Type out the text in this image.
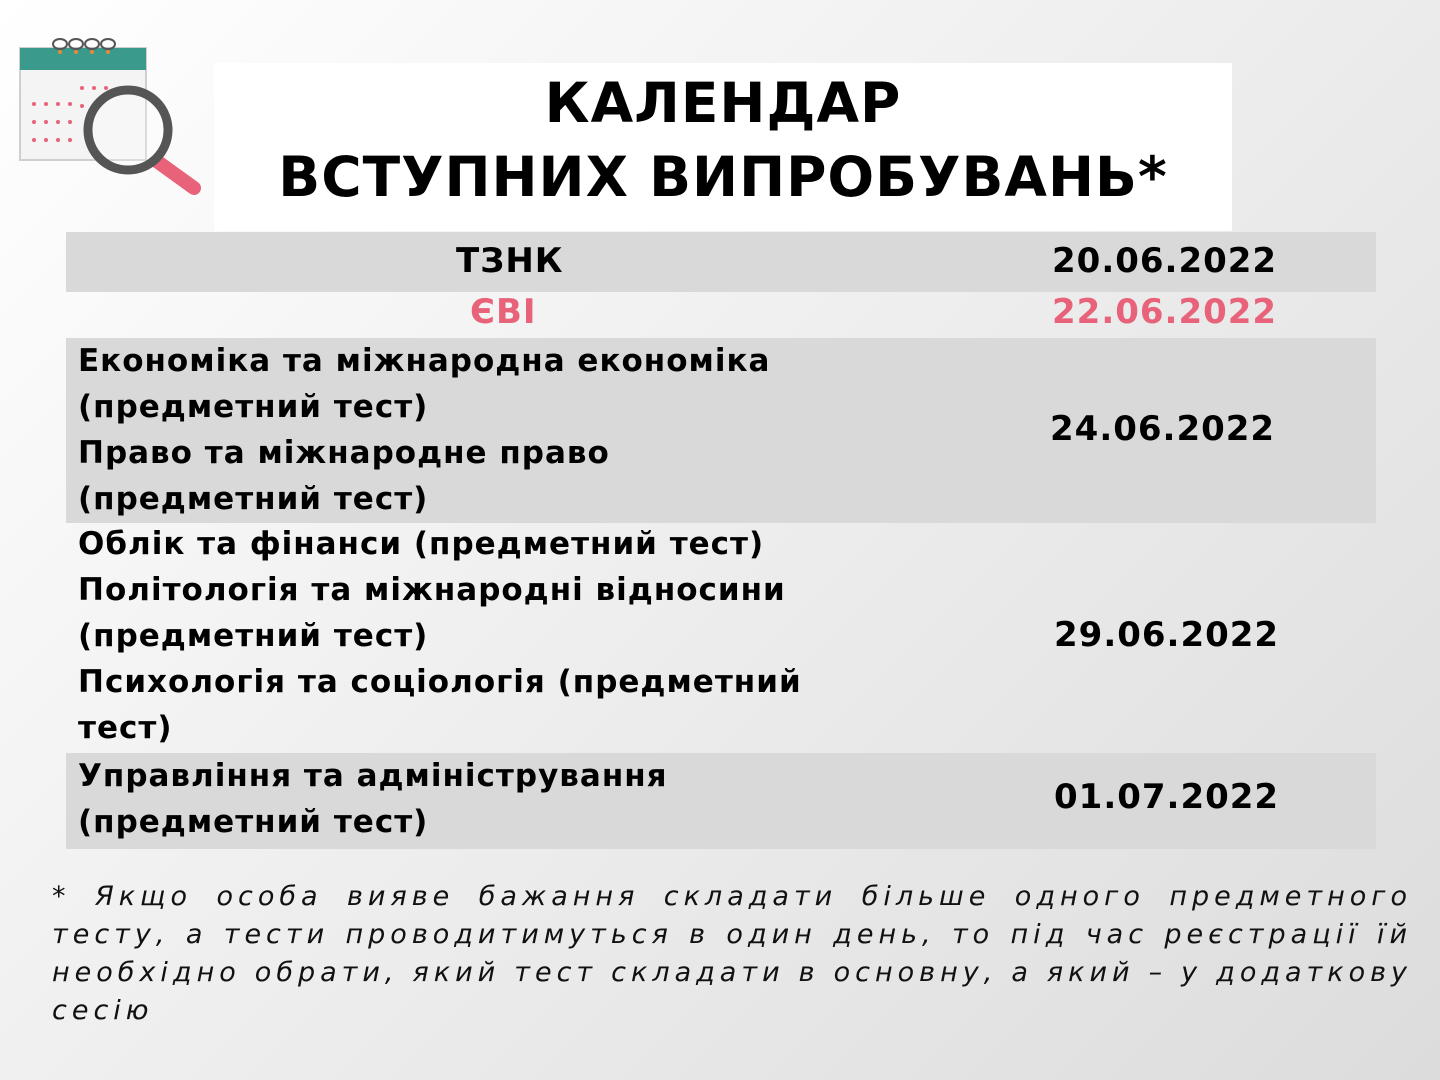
КАЛЕНДАР
ВСТУПНИХ ВИПРОБУВАНЬ*
ТЗНК	20.06.2022
ЄВІ	22.06.2022
Економіка та міжнародна економіка
(предметний тест)
Право та міжнародне право
(предметний тест)
24.06.2022
Облік та фінанси (предметний тест)
Політологія та міжнародні відносини
(предметний тест)
Психологія та соціологія (предметний
тест)
29.06.2022
Управління та адміністрування
(предметний тест)
01.07.2022
* Якщо особа виявe бажання складати більше одного предметного тесту, а тести проводитимуться в один день, то під час реєстрації їй необхідно обрати, який тест складати в основну, а який – у додаткову сесію
